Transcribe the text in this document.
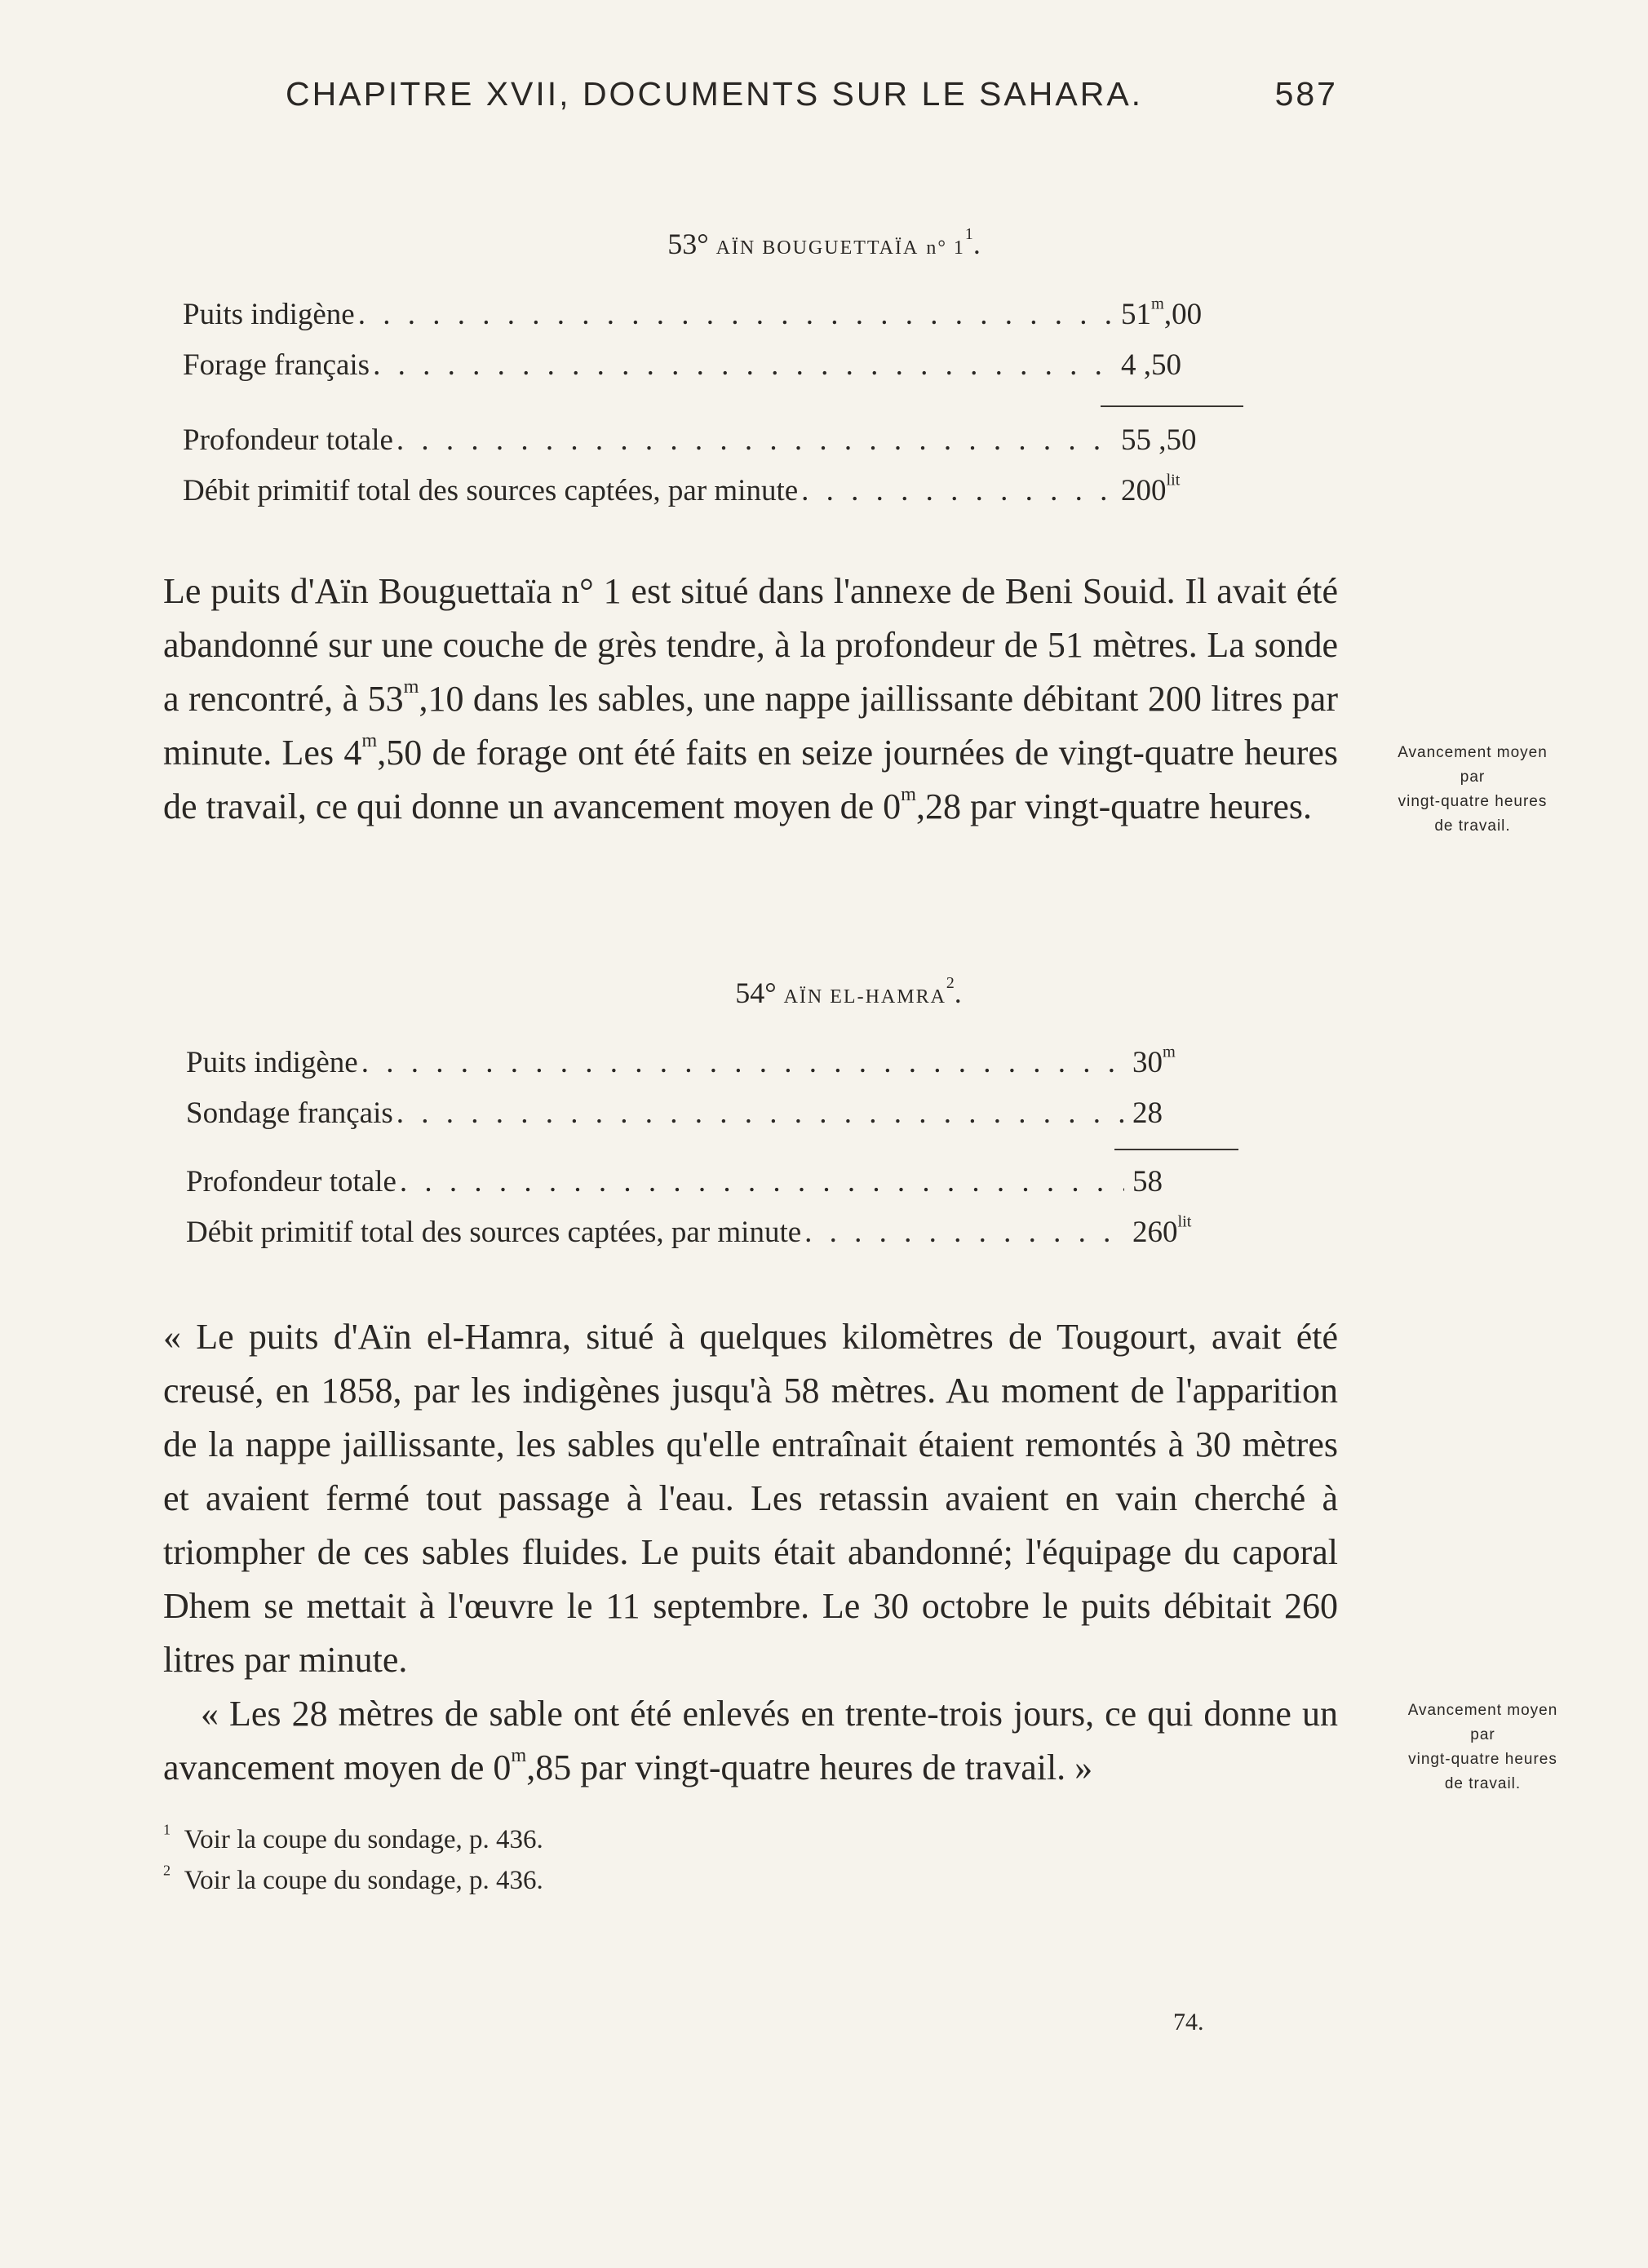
CHAPITRE XVII, DOCUMENTS SUR LE SAHARA.	587
53° AÏN BOUGUETTAÏA n° $1^1$.
Puits indigène . . .	51$^m$,00
Forage français . . .	4 ,50
Profondeur totale . . .	55 ,50
Débit primitif total des sources captées, par minute . . .	$200^{lit}$
Le puits d'Aïn Bouguettaïa n° 1 est situé dans l'annexe de Beni Souid. Il avait été abandonné sur une couche de grès tendre, à la profondeur de 51 mètres. La sonde a rencontré, à 53$^m$,10 dans les sables, une nappe jaillissante débitant 200 litres par minute. Les 4$^m$,50 de forage ont été faits en seize journées de vingt-quatre heures de travail, ce qui donne un avancement moyen de 0$^m$,28 par vingt-quatre heures.
Avancement moyen
par
vingt-quatre heures
de travail.
54° AÏN EL-HAMRA$^2$.
Puits indigène . . .	30$^m$
Sondage français . . .	28
Profondeur totale . . .	58
Débit primitif total des sources captées, par minute . . .	$260^{lit}$
« Le puits d'Aïn el-Hamra, situé à quelques kilomètres de Tougourt, avait été creusé, en 1858, par les indigènes jusqu'à 58 mètres. Au moment de l'apparition de la nappe jaillissante, les sables qu'elle entraînait étaient remontés à 30 mètres et avaient fermé tout passage à l'eau. Les retassin avaient en vain cherché à triompher de ces sables fluides. Le puits était abandonné; l'équipage du caporal Dhem se mettait à l'œuvre le 11 septembre. Le 30 octobre le puits débitait 260 litres par minute.
« Les 28 mètres de sable ont été enlevés en trente-trois jours, ce qui donne un avancement moyen de 0$^m$,85 par vingt-quatre heures de travail. »
Avancement moyen
par
vingt-quatre heures
de travail.
$^1$ Voir la coupe du sondage, p. 436.
$^2$ Voir la coupe du sondage, p. 436.
74.
